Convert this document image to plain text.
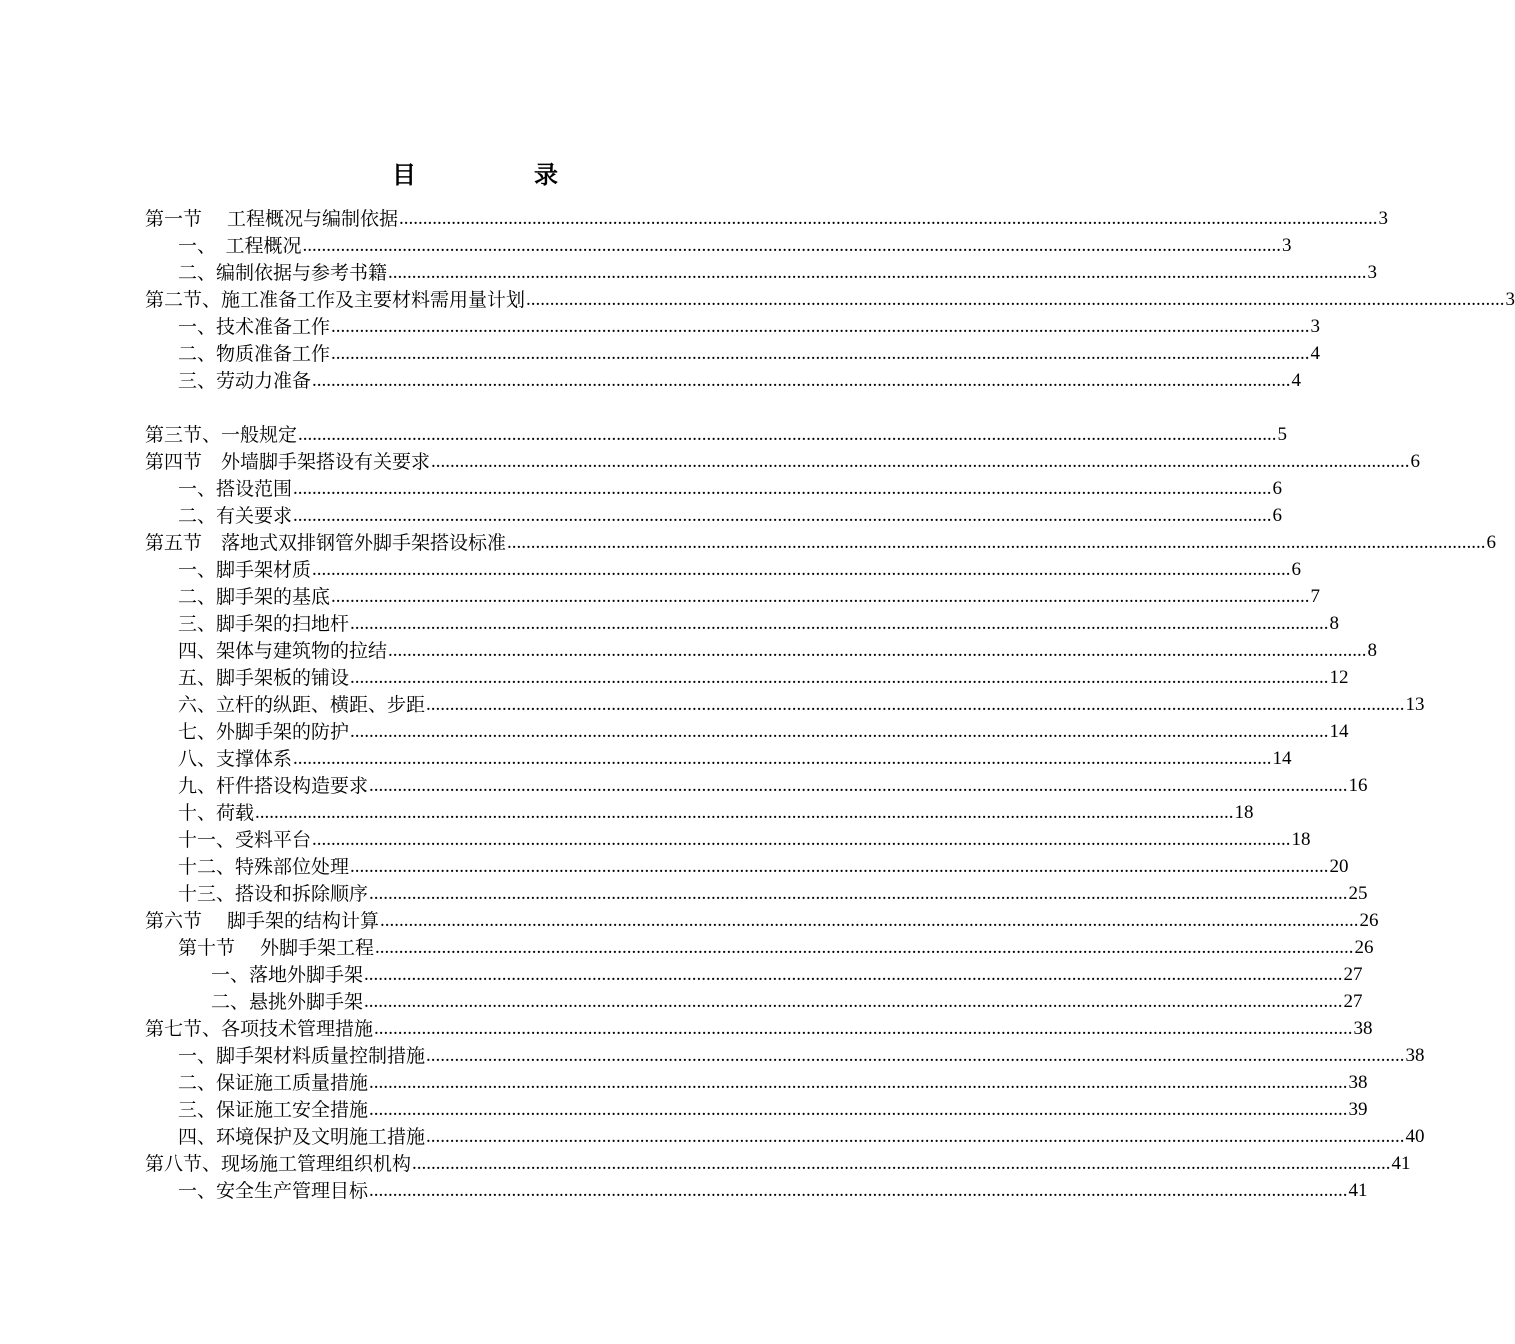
目	录
第一节　 工程概况与编制依据 .............................................................................................................................................................................................................. 3
一、　工程概况 .............................................................................................................................................................................................................. 3
二、编制依据与参考书籍 .............................................................................................................................................................................................................. 3
第二节、施工准备工作及主要材料需用量计划 .............................................................................................................................................................................................................. 3
一、技术准备工作 .............................................................................................................................................................................................................. 3
二、物质准备工作 .............................................................................................................................................................................................................. 4
三、劳动力准备 .............................................................................................................................................................................................................. 4
第三节、一般规定 .............................................................................................................................................................................................................. 5
第四节　外墙脚手架搭设有关要求 .............................................................................................................................................................................................................. 6
一、搭设范围 .............................................................................................................................................................................................................. 6
二、有关要求 .............................................................................................................................................................................................................. 6
第五节　落地式双排钢管外脚手架搭设标准 .............................................................................................................................................................................................................. 6
一、脚手架材质 .............................................................................................................................................................................................................. 6
二、脚手架的基底 .............................................................................................................................................................................................................. 7
三、脚手架的扫地杆 .............................................................................................................................................................................................................. 8
四、架体与建筑物的拉结 .............................................................................................................................................................................................................. 8
五、脚手架板的铺设 .............................................................................................................................................................................................................. 12
六、立杆的纵距、横距、步距 .............................................................................................................................................................................................................. 13
七、外脚手架的防护 .............................................................................................................................................................................................................. 14
八、支撑体系 .............................................................................................................................................................................................................. 14
九、杆件搭设构造要求 .............................................................................................................................................................................................................. 16
十、荷载 .............................................................................................................................................................................................................. 18
十一、受料平台 .............................................................................................................................................................................................................. 18
十二、特殊部位处理 .............................................................................................................................................................................................................. 20
十三、搭设和拆除顺序 .............................................................................................................................................................................................................. 25
第六节　 脚手架的结构计算 .............................................................................................................................................................................................................. 26
第十节　 外脚手架工程 .............................................................................................................................................................................................................. 26
一、落地外脚手架 .............................................................................................................................................................................................................. 27
二、悬挑外脚手架 .............................................................................................................................................................................................................. 27
第七节、各项技术管理措施 .............................................................................................................................................................................................................. 38
一、脚手架材料质量控制措施 .............................................................................................................................................................................................................. 38
二、保证施工质量措施 .............................................................................................................................................................................................................. 38
三、保证施工安全措施 .............................................................................................................................................................................................................. 39
四、环境保护及文明施工措施 .............................................................................................................................................................................................................. 40
第八节、现场施工管理组织机构 .............................................................................................................................................................................................................. 41
一、安全生产管理目标 .............................................................................................................................................................................................................. 41
